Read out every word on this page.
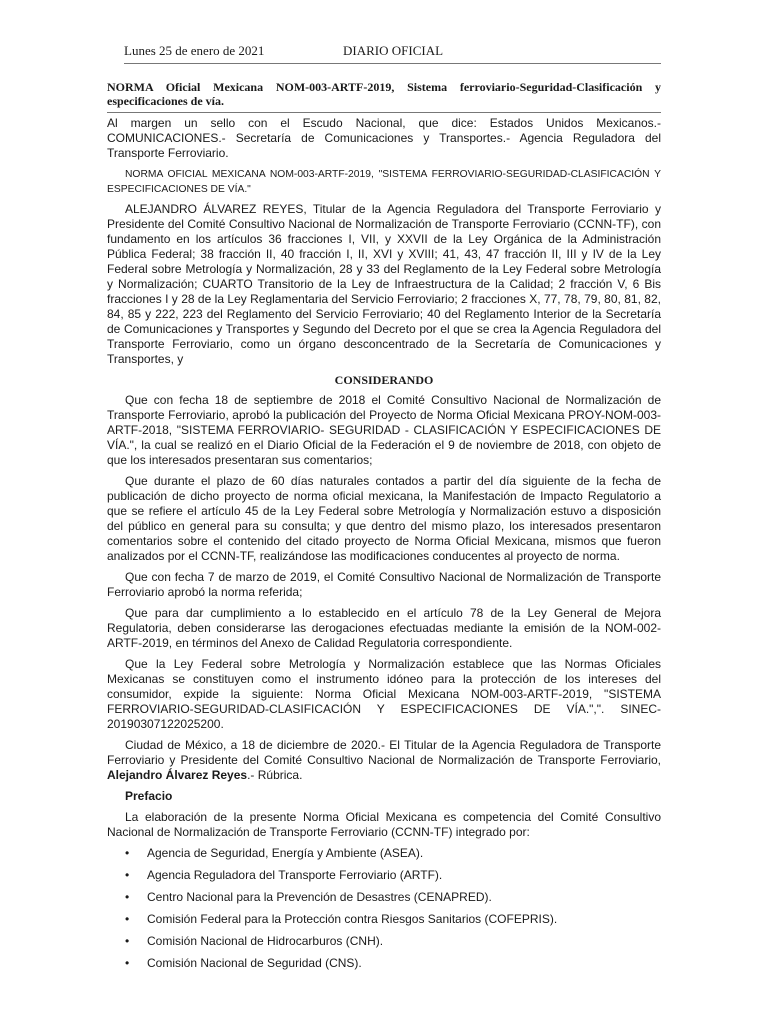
Lunes 25 de enero de 2021	DIARIO OFICIAL
NORMA Oficial Mexicana NOM-003-ARTF-2019, Sistema ferroviario-Seguridad-Clasificación y especificaciones de vía.

Al margen un sello con el Escudo Nacional, que dice: Estados Unidos Mexicanos.- COMUNICACIONES.- Secretaría de Comunicaciones y Transportes.- Agencia Reguladora del Transporte Ferroviario.

NORMA OFICIAL MEXICANA NOM-003-ARTF-2019, "SISTEMA FERROVIARIO-SEGURIDAD-CLASIFICACIÓN Y ESPECIFICACIONES DE VÍA."

ALEJANDRO ÁLVAREZ REYES, Titular de la Agencia Reguladora del Transporte Ferroviario y Presidente del Comité Consultivo Nacional de Normalización de Transporte Ferroviario (CCNN-TF), con fundamento en los artículos 36 fracciones I, VII, y XXVII de la Ley Orgánica de la Administración Pública Federal; 38 fracción II, 40 fracción I, II, XVI y XVIII; 41, 43, 47 fracción II, III y IV de la Ley Federal sobre Metrología y Normalización, 28 y 33 del Reglamento de la Ley Federal sobre Metrología y Normalización; CUARTO Transitorio de la Ley de Infraestructura de la Calidad; 2 fracción V, 6 Bis fracciones I y 28 de la Ley Reglamentaria del Servicio Ferroviario; 2 fracciones X, 77, 78, 79, 80, 81, 82, 84, 85 y 222, 223 del Reglamento del Servicio Ferroviario; 40 del Reglamento Interior de la Secretaría de Comunicaciones y Transportes y Segundo del Decreto por el que se crea la Agencia Reguladora del Transporte Ferroviario, como un órgano desconcentrado de la Secretaría de Comunicaciones y Transportes, y

CONSIDERANDO

Que con fecha 18 de septiembre de 2018 el Comité Consultivo Nacional de Normalización de Transporte Ferroviario, aprobó la publicación del Proyecto de Norma Oficial Mexicana PROY-NOM-003-ARTF-2018, "SISTEMA FERROVIARIO- SEGURIDAD - CLASIFICACIÓN Y ESPECIFICACIONES DE VÍA.", la cual se realizó en el Diario Oficial de la Federación el 9 de noviembre de 2018, con objeto de que los interesados presentaran sus comentarios;

Que durante el plazo de 60 días naturales contados a partir del día siguiente de la fecha de publicación de dicho proyecto de norma oficial mexicana, la Manifestación de Impacto Regulatorio a que se refiere el artículo 45 de la Ley Federal sobre Metrología y Normalización estuvo a disposición del público en general para su consulta; y que dentro del mismo plazo, los interesados presentaron comentarios sobre el contenido del citado proyecto de Norma Oficial Mexicana, mismos que fueron analizados por el CCNN-TF, realizándose las modificaciones conducentes al proyecto de norma.

Que con fecha 7 de marzo de 2019, el Comité Consultivo Nacional de Normalización de Transporte Ferroviario aprobó la norma referida;

Que para dar cumplimiento a lo establecido en el artículo 78 de la Ley General de Mejora Regulatoria, deben considerarse las derogaciones efectuadas mediante la emisión de la NOM-002-ARTF-2019, en términos del Anexo de Calidad Regulatoria correspondiente.

Que la Ley Federal sobre Metrología y Normalización establece que las Normas Oficiales Mexicanas se constituyen como el instrumento idóneo para la protección de los intereses del consumidor, expide la siguiente: Norma Oficial Mexicana NOM-003-ARTF-2019, "SISTEMA FERROVIARIO-SEGURIDAD-CLASIFICACIÓN Y ESPECIFICACIONES DE VÍA.",". SINEC-20190307122025200.

Ciudad de México, a 18 de diciembre de 2020.- El Titular de la Agencia Reguladora de Transporte Ferroviario y Presidente del Comité Consultivo Nacional de Normalización de Transporte Ferroviario, Alejandro Álvarez Reyes.- Rúbrica.

Prefacio

La elaboración de la presente Norma Oficial Mexicana es competencia del Comité Consultivo Nacional de Normalización de Transporte Ferroviario (CCNN-TF) integrado por:

• Agencia de Seguridad, Energía y Ambiente (ASEA).
• Agencia Reguladora del Transporte Ferroviario (ARTF).
• Centro Nacional para la Prevención de Desastres (CENAPRED).
• Comisión Federal para la Protección contra Riesgos Sanitarios (COFEPRIS).
• Comisión Nacional de Hidrocarburos (CNH).
• Comisión Nacional de Seguridad (CNS).
